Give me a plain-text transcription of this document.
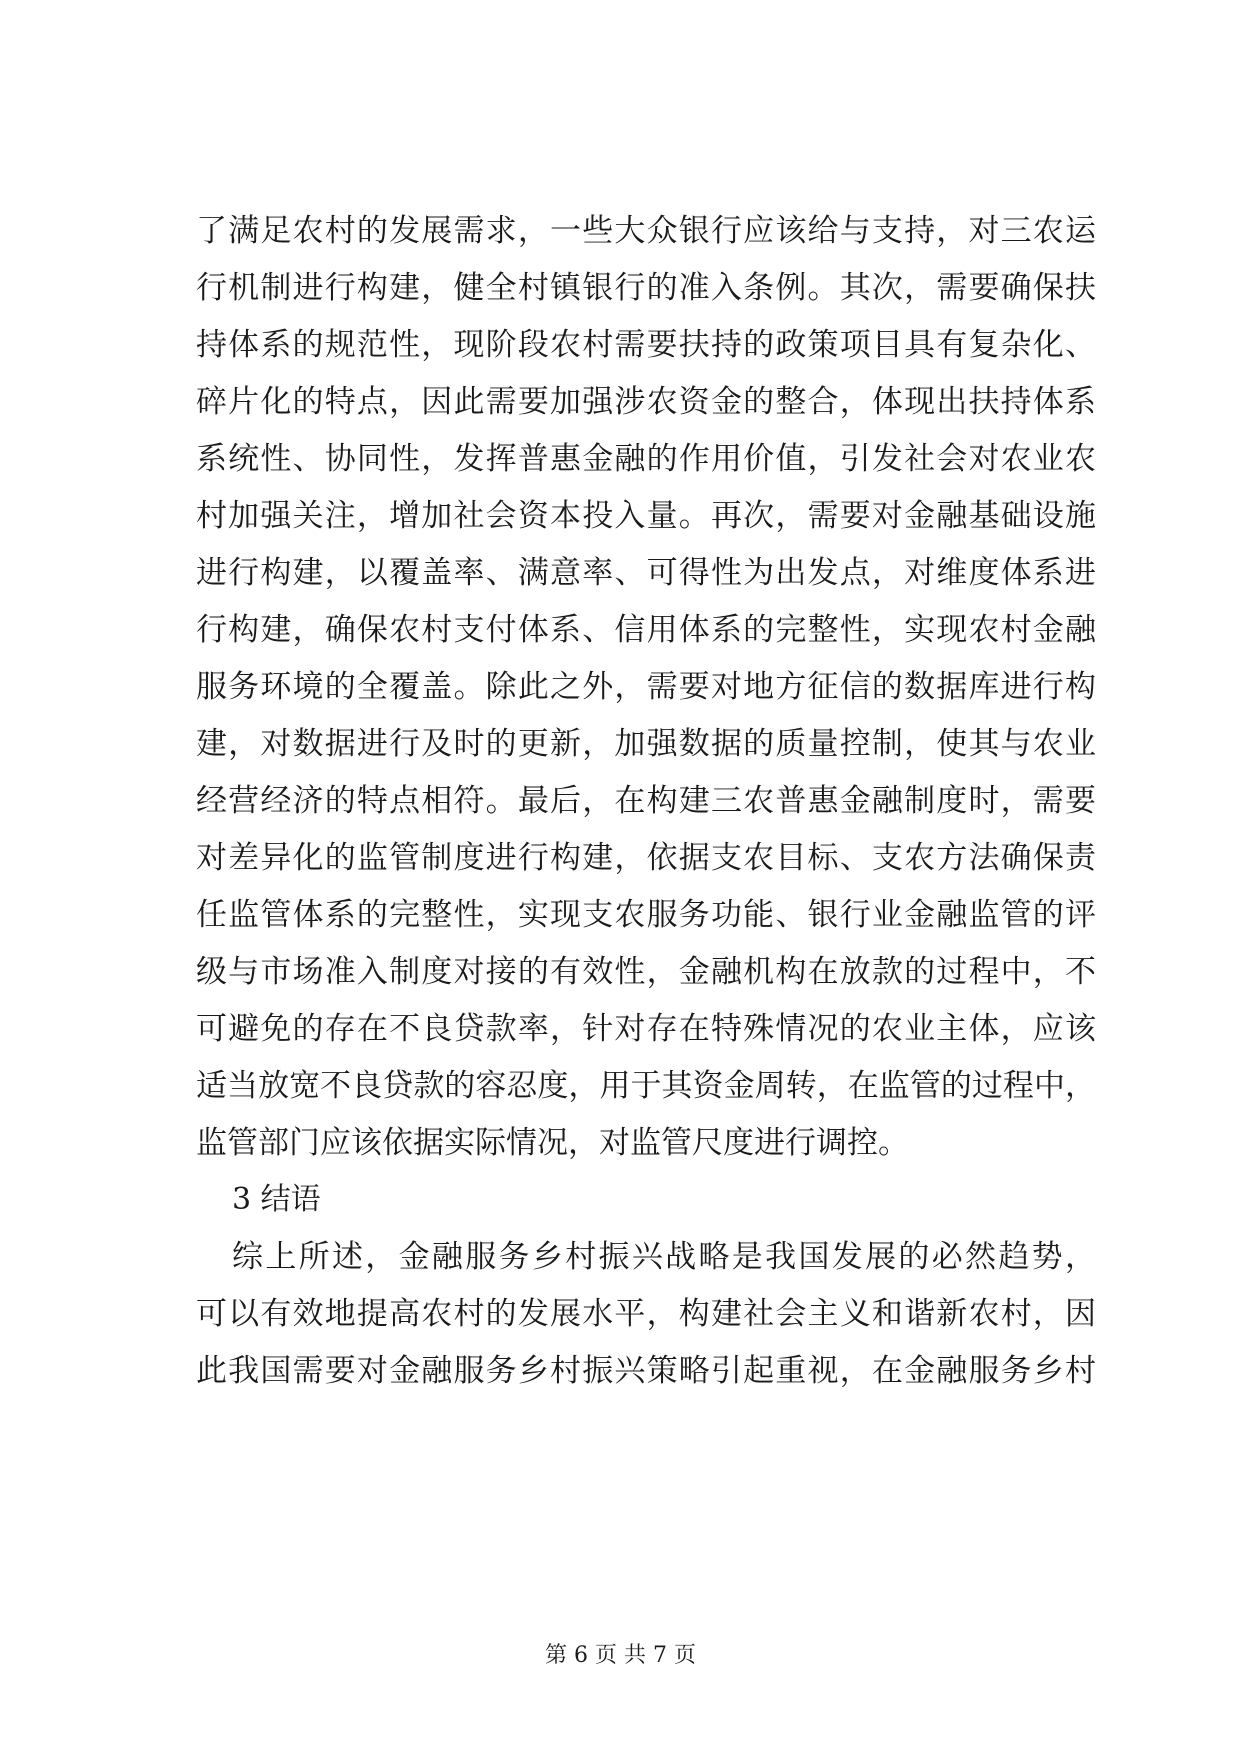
了满足农村的发展需求，一些大众银行应该给与支持，对三农运
行机制进行构建，健全村镇银行的准入条例。其次，需要确保扶
持体系的规范性，现阶段农村需要扶持的政策项目具有复杂化、
碎片化的特点，因此需要加强涉农资金的整合，体现出扶持体系
系统性、协同性，发挥普惠金融的作用价值，引发社会对农业农
村加强关注，增加社会资本投入量。再次，需要对金融基础设施
进行构建，以覆盖率、满意率、可得性为出发点，对维度体系进
行构建，确保农村支付体系、信用体系的完整性，实现农村金融
服务环境的全覆盖。除此之外，需要对地方征信的数据库进行构
建，对数据进行及时的更新，加强数据的质量控制，使其与农业
经营经济的特点相符。最后，在构建三农普惠金融制度时，需要
对差异化的监管制度进行构建，依据支农目标、支农方法确保责
任监管体系的完整性，实现支农服务功能、银行业金融监管的评
级与市场准入制度对接的有效性，金融机构在放款的过程中，不
可避免的存在不良贷款率，针对存在特殊情况的农业主体，应该
适当放宽不良贷款的容忍度，用于其资金周转，在监管的过程中，
监管部门应该依据实际情况，对监管尺度进行调控。
3 结语
综上所述，金融服务乡村振兴战略是我国发展的必然趋势，
可以有效地提高农村的发展水平，构建社会主义和谐新农村，因
此我国需要对金融服务乡村振兴策略引起重视，在金融服务乡村
第 6 页 共 7 页
